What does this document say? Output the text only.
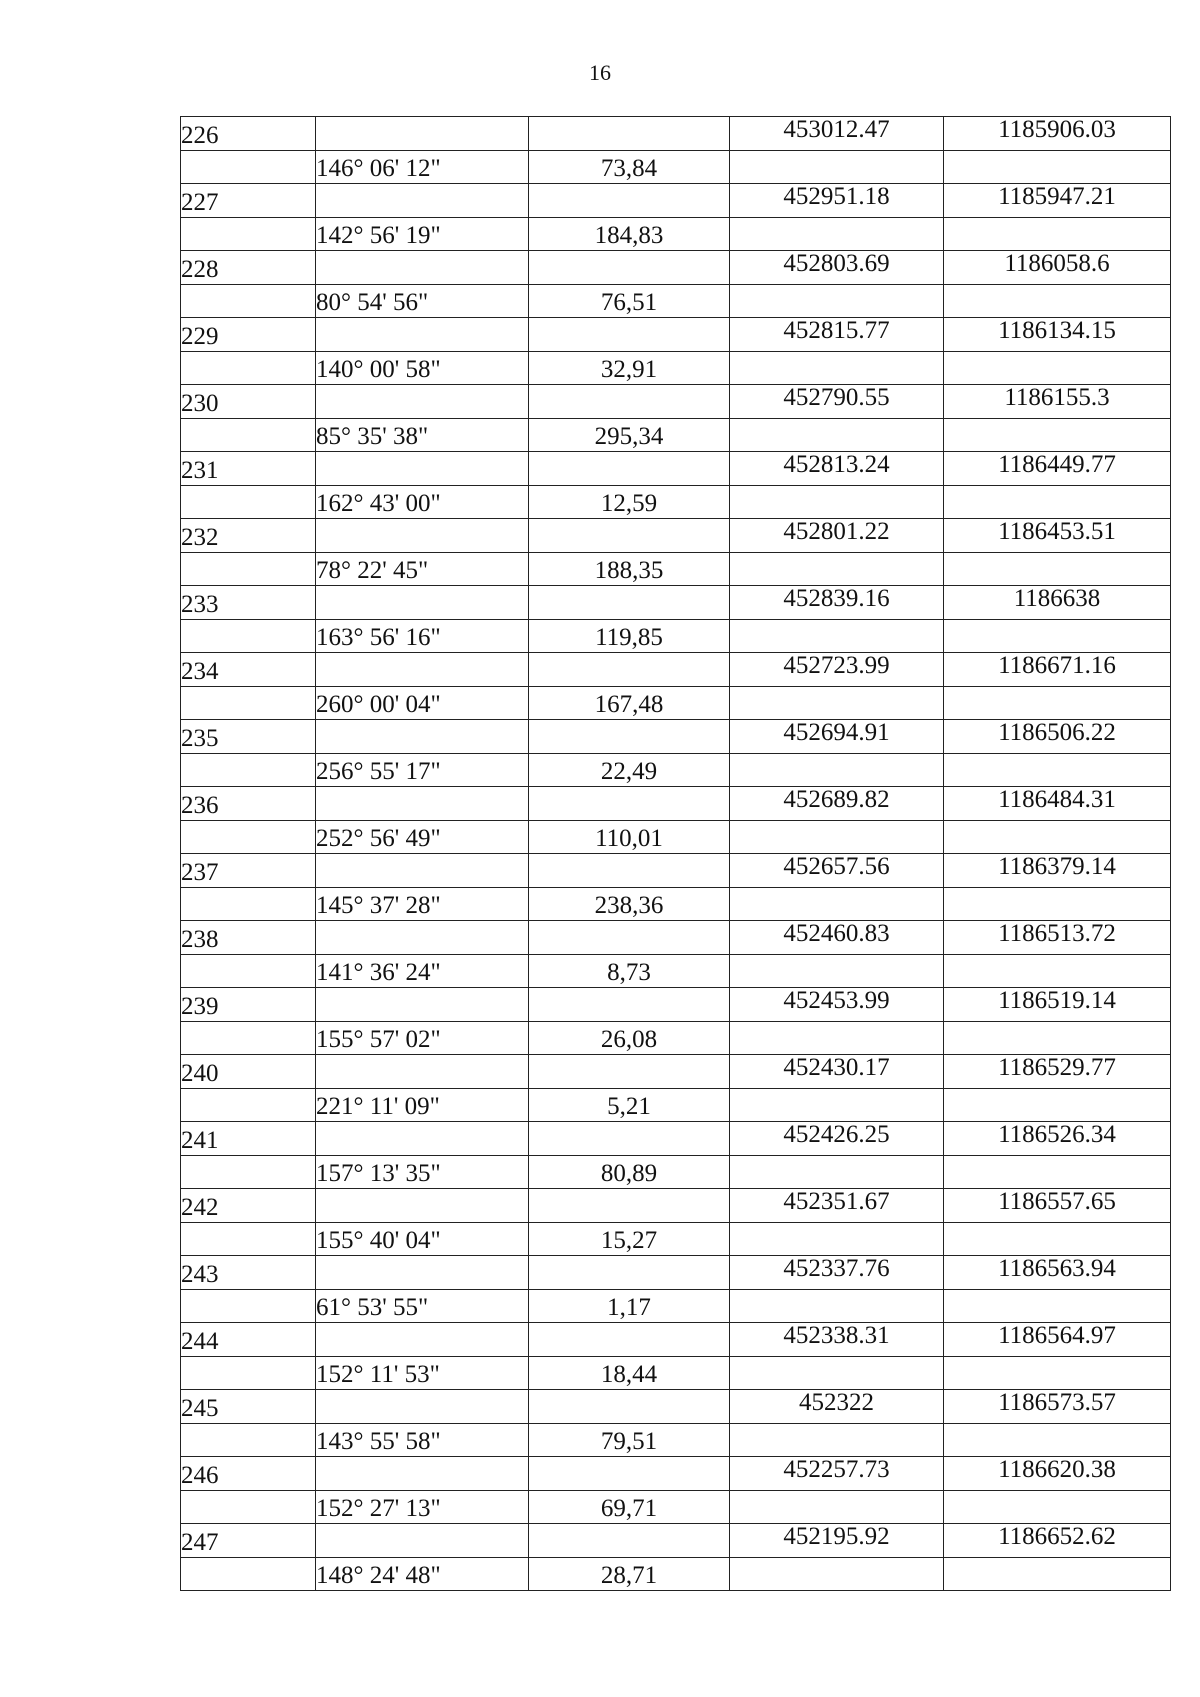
16
226			453012.47	1185906.03
	146° 06' 12"	73,84		
227			452951.18	1185947.21
	142° 56' 19"	184,83		
228			452803.69	1186058.6
	80° 54' 56"	76,51		
229			452815.77	1186134.15
	140° 00' 58"	32,91		
230			452790.55	1186155.3
	85° 35' 38"	295,34		
231			452813.24	1186449.77
	162° 43' 00"	12,59		
232			452801.22	1186453.51
	78° 22' 45"	188,35		
233			452839.16	1186638
	163° 56' 16"	119,85		
234			452723.99	1186671.16
	260° 00' 04"	167,48		
235			452694.91	1186506.22
	256° 55' 17"	22,49		
236			452689.82	1186484.31
	252° 56' 49"	110,01		
237			452657.56	1186379.14
	145° 37' 28"	238,36		
238			452460.83	1186513.72
	141° 36' 24"	8,73		
239			452453.99	1186519.14
	155° 57' 02"	26,08		
240			452430.17	1186529.77
	221° 11' 09"	5,21		
241			452426.25	1186526.34
	157° 13' 35"	80,89		
242			452351.67	1186557.65
	155° 40' 04"	15,27		
243			452337.76	1186563.94
	61° 53' 55"	1,17		
244			452338.31	1186564.97
	152° 11' 53"	18,44		
245			452322	1186573.57
	143° 55' 58"	79,51		
246			452257.73	1186620.38
	152° 27' 13"	69,71		
247			452195.92	1186652.62
	148° 24' 48"	28,71		
